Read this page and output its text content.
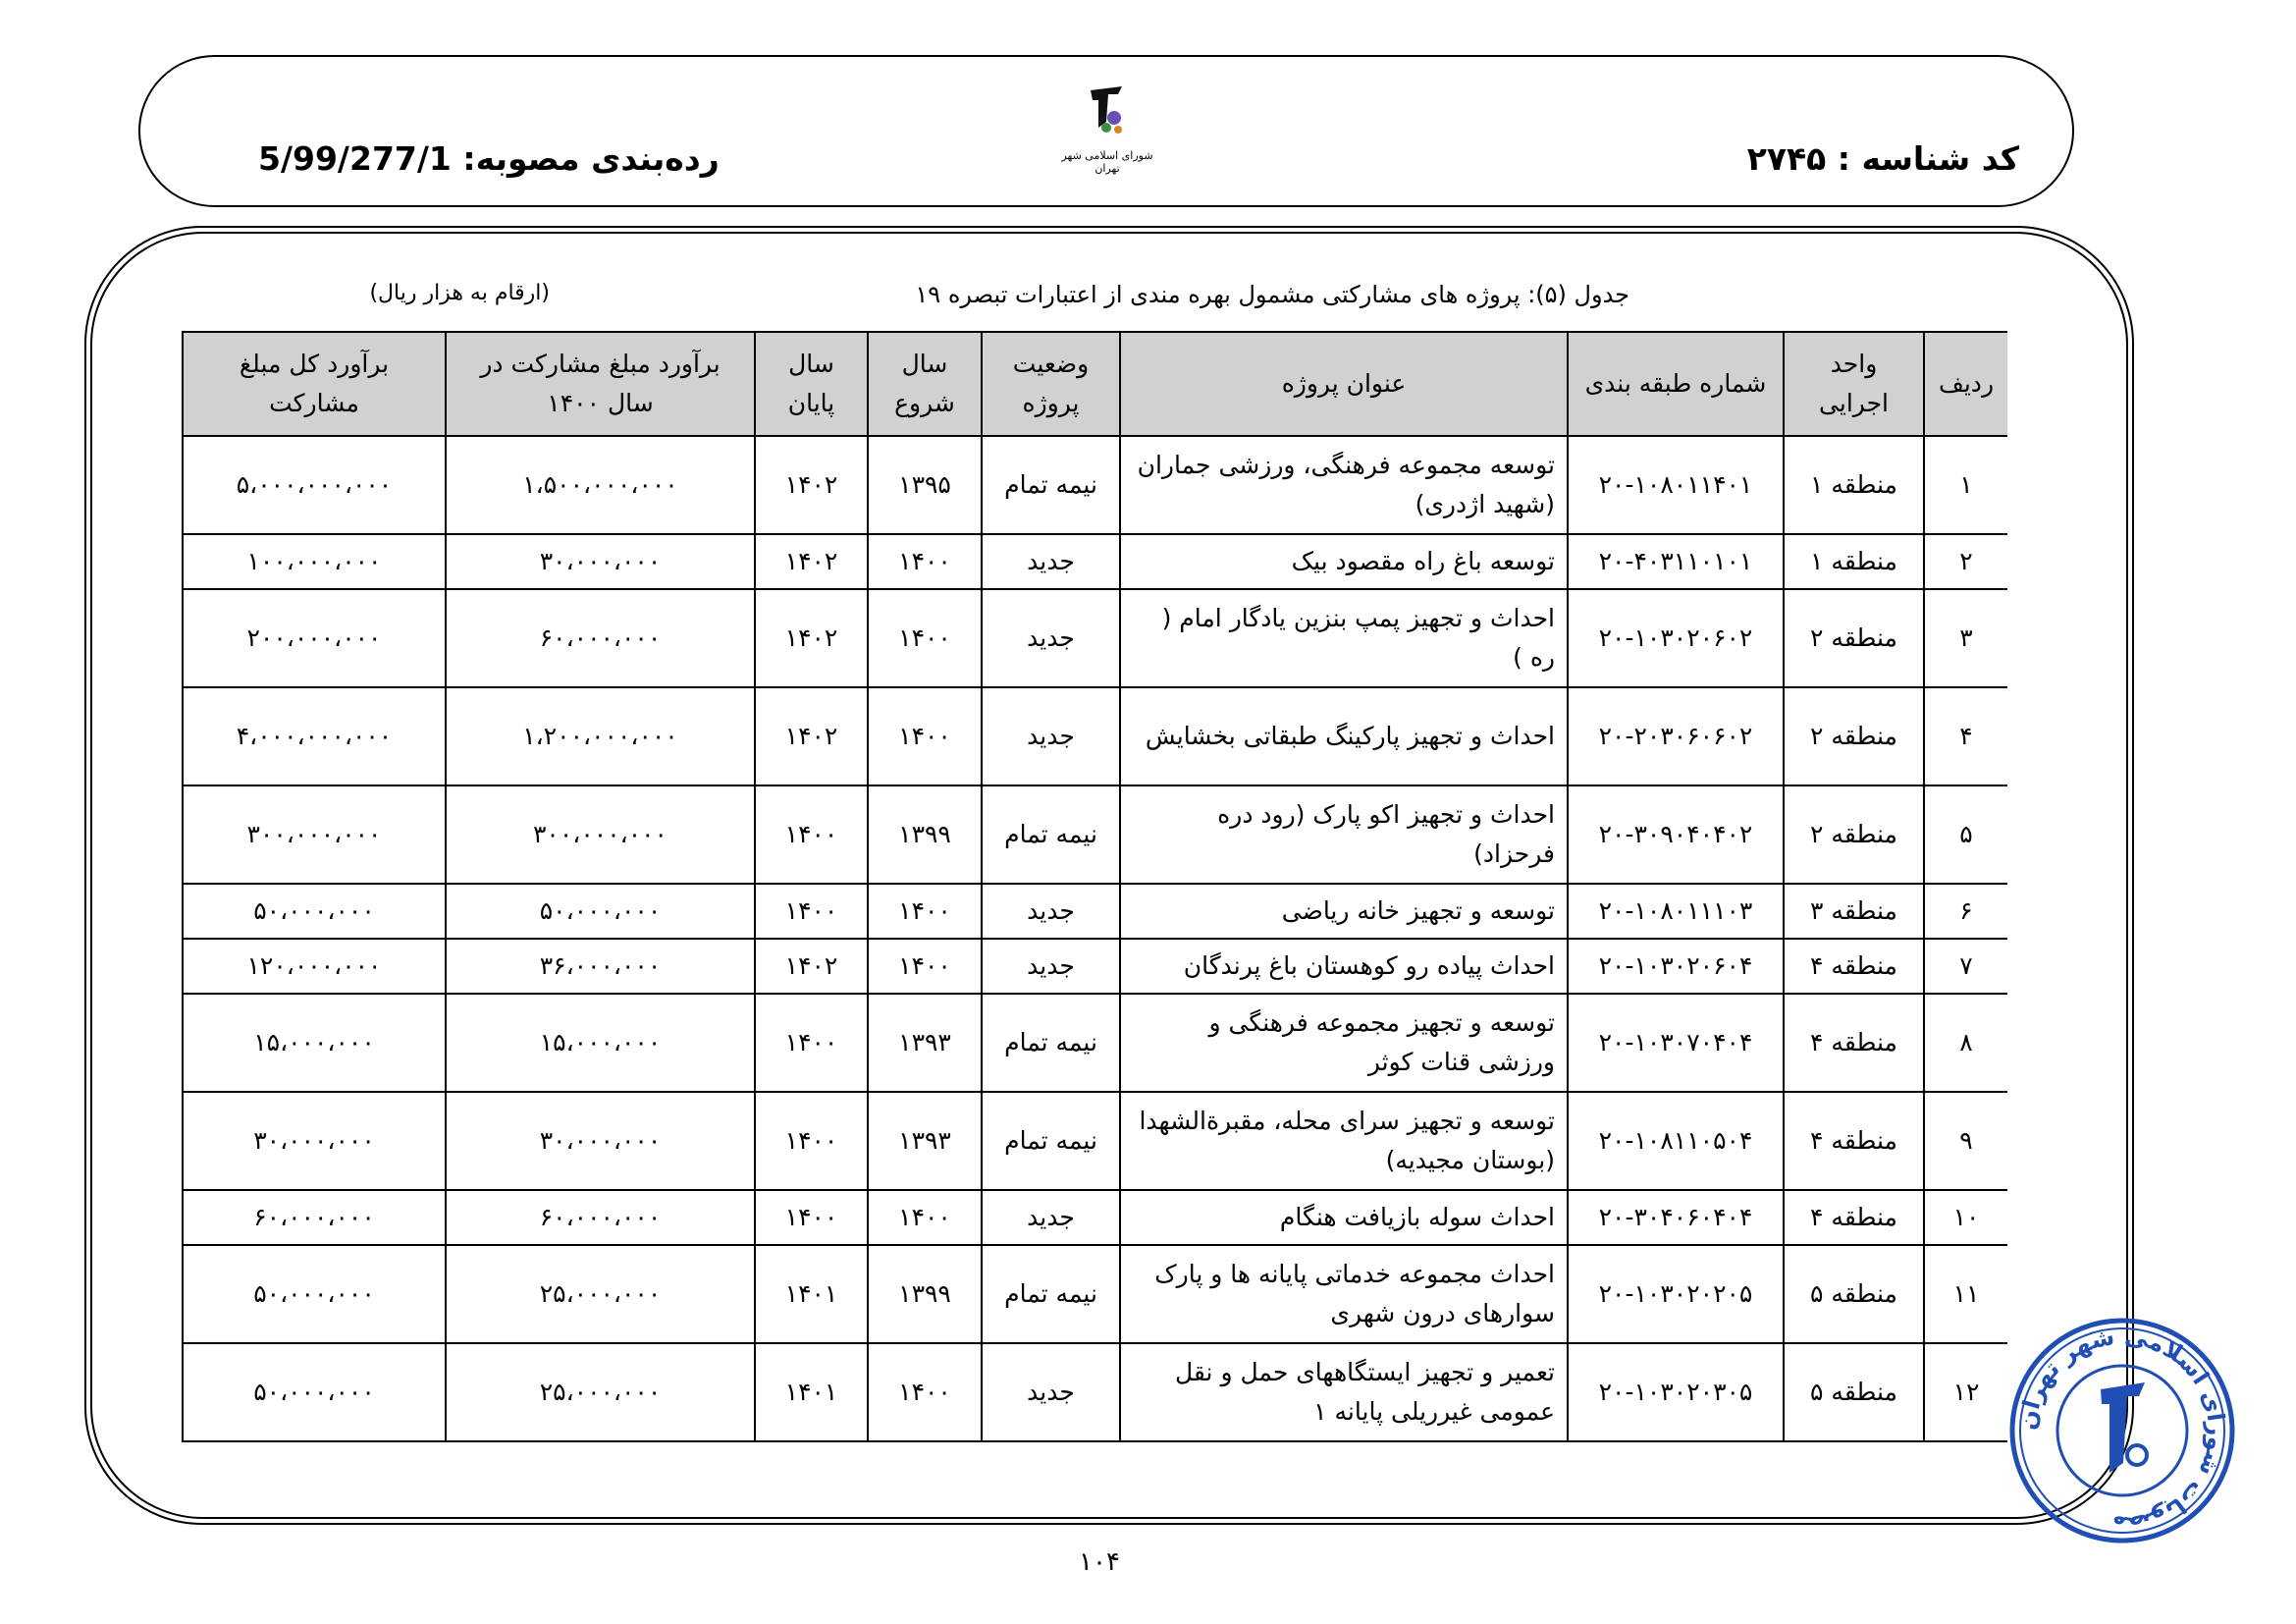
رده‌بندی مصوبه: 5/99/277/1	شورای اسلامی شهر تهران	کد شناسه : ۲۷۴۵
جدول (۵): پروژه های مشارکتی مشمول بهره مندی از اعتبارات تبصره ۱۹
(ارقام به هزار ریال)
ردیف	واحد اجرایی	شماره طبقه بندی	عنوان پروژه	وضعیت پروژه	سال شروع	سال پایان	برآورد مبلغ مشارکت در سال ۱۴۰۰	برآورد کل مبلغ مشارکت
۱	منطقه ۱	۲۰-۱۰۸۰۱۱۴۰۱	توسعه مجموعه فرهنگی، ورزشی جماران (شهید اژدری)	نیمه تمام	۱۳۹۵	۱۴۰۲	۱،۵۰۰،۰۰۰،۰۰۰	۵،۰۰۰،۰۰۰،۰۰۰
۲	منطقه ۱	۲۰-۴۰۳۱۱۰۱۰۱	توسعه باغ راه مقصود بیک	جدید	۱۴۰۰	۱۴۰۲	۳۰،۰۰۰،۰۰۰	۱۰۰،۰۰۰،۰۰۰
۳	منطقه ۲	۲۰-۱۰۳۰۲۰۶۰۲	احداث و تجهیز پمپ بنزین یادگار امام ( ره )	جدید	۱۴۰۰	۱۴۰۲	۶۰،۰۰۰،۰۰۰	۲۰۰،۰۰۰،۰۰۰
۴	منطقه ۲	۲۰-۲۰۳۰۶۰۶۰۲	احداث و تجهیز پارکینگ طبقاتی بخشایش	جدید	۱۴۰۰	۱۴۰۲	۱،۲۰۰،۰۰۰،۰۰۰	۴،۰۰۰،۰۰۰،۰۰۰
۵	منطقه ۲	۲۰-۳۰۹۰۴۰۴۰۲	احداث و تجهیز اکو پارک (رود دره فرحزاد)	نیمه تمام	۱۳۹۹	۱۴۰۰	۳۰۰،۰۰۰،۰۰۰	۳۰۰،۰۰۰،۰۰۰
۶	منطقه ۳	۲۰-۱۰۸۰۱۱۱۰۳	توسعه و تجهیز خانه ریاضی	جدید	۱۴۰۰	۱۴۰۰	۵۰،۰۰۰،۰۰۰	۵۰،۰۰۰،۰۰۰
۷	منطقه ۴	۲۰-۱۰۳۰۲۰۶۰۴	احداث پیاده رو کوهستان باغ پرندگان	جدید	۱۴۰۰	۱۴۰۲	۳۶،۰۰۰،۰۰۰	۱۲۰،۰۰۰،۰۰۰
۸	منطقه ۴	۲۰-۱۰۳۰۷۰۴۰۴	توسعه و تجهیز مجموعه فرهنگی و ورزشی قنات کوثر	نیمه تمام	۱۳۹۳	۱۴۰۰	۱۵،۰۰۰،۰۰۰	۱۵،۰۰۰،۰۰۰
۹	منطقه ۴	۲۰-۱۰۸۱۱۰۵۰۴	توسعه و تجهیز سرای محله، مقبرةالشهدا (بوستان مجیدیه)	نیمه تمام	۱۳۹۳	۱۴۰۰	۳۰،۰۰۰،۰۰۰	۳۰،۰۰۰،۰۰۰
۱۰	منطقه ۴	۲۰-۳۰۴۰۶۰۴۰۴	احداث سوله بازیافت هنگام	جدید	۱۴۰۰	۱۴۰۰	۶۰،۰۰۰،۰۰۰	۶۰،۰۰۰،۰۰۰
۱۱	منطقه ۵	۲۰-۱۰۳۰۲۰۲۰۵	احداث مجموعه خدماتی پایانه ها و پارک سوارهای درون شهری	نیمه تمام	۱۳۹۹	۱۴۰۱	۲۵،۰۰۰،۰۰۰	۵۰،۰۰۰،۰۰۰
۱۲	منطقه ۵	۲۰-۱۰۳۰۲۰۳۰۵	تعمیر و تجهیز ایستگاههای حمل و نقل عمومی غیرریلی پایانه ۱	جدید	۱۴۰۰	۱۴۰۱	۲۵،۰۰۰،۰۰۰	۵۰،۰۰۰،۰۰۰
مصوبات شورای اسلامی شهر تهران
۱۰۴
